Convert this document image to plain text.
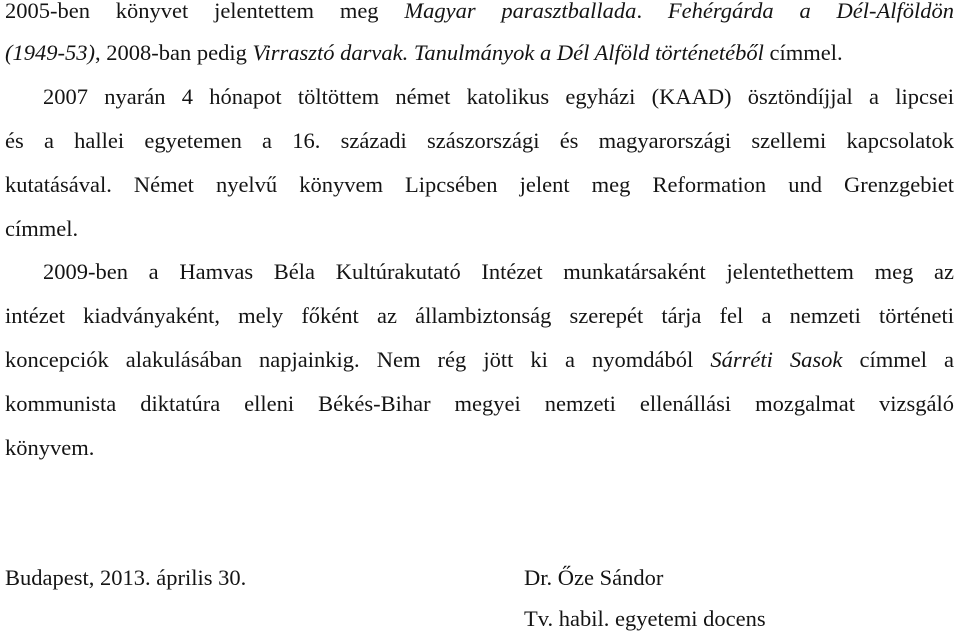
2005-ben könyvet jelentettem meg Magyar parasztballada. Fehérgárda a Dél-Alföldön
(1949-53), 2008-ban pedig Virrasztó darvak. Tanulmányok a Dél Alföld történetéből címmel.
2007 nyarán 4 hónapot töltöttem német katolikus egyházi (KAAD) ösztöndíjjal a lipcsei
és a hallei egyetemen a 16. századi szászországi és magyarországi szellemi kapcsolatok
kutatásával. Német nyelvű könyvem Lipcsében jelent meg Reformation und Grenzgebiet
címmel.
2009-ben a Hamvas Béla Kultúrakutató Intézet munkatársaként jelentethettem meg az
intézet kiadványaként, mely főként az állambiztonság szerepét tárja fel a nemzeti történeti
koncepciók alakulásában napjainkig. Nem rég jött ki a nyomdából Sárréti Sasok címmel a
kommunista diktatúra elleni Békés-Bihar megyei nemzeti ellenállási mozgalmat vizsgáló
könyvem.
Budapest, 2013. április 30.	Dr. Őze Sándor
Tv. habil. egyetemi docens
